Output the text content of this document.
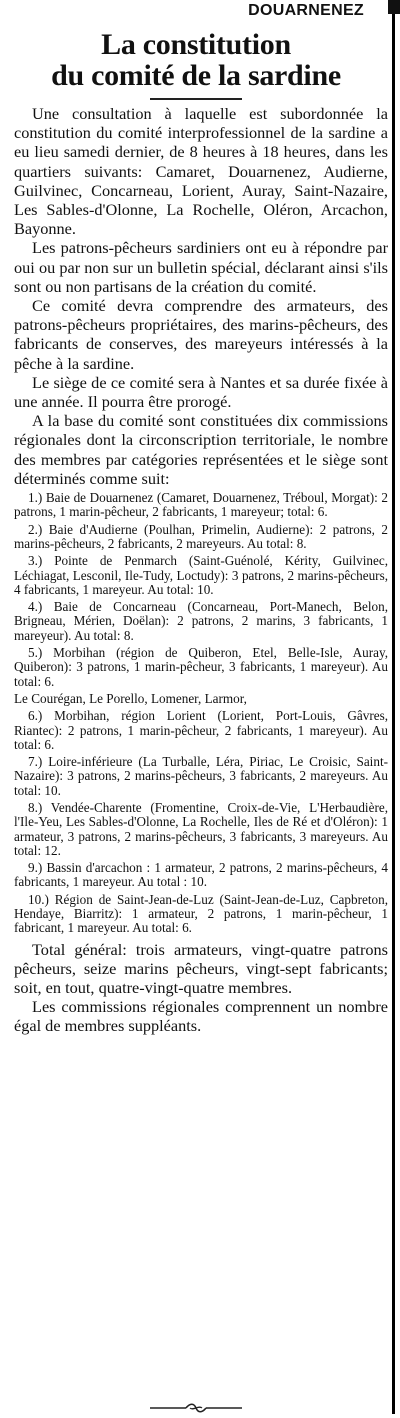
DOUARNENEZ
La constitution
du comité de la sardine

Une consultation à laquelle est subordonnée la constitution du comité interprofessionnel de la sardine a eu lieu samedi dernier, de 8 heures à 18 heures, dans les quartiers suivants: Camaret, Douarnenez, Audierne, Guilvinec, Concarneau, Lorient, Auray, Saint-Nazaire, Les Sables-d'Olonne, La Rochelle, Oléron, Arcachon, Bayonne.

Les patrons-pêcheurs sardiniers ont eu à répondre par oui ou par non sur un bulletin spécial, déclarant ainsi s'ils sont ou non partisans de la création du comité.

Ce comité devra comprendre des armateurs, des patrons-pêcheurs propriétaires, des marins-pêcheurs, des fabricants de conserves, des mareyeurs intéressés à la pêche à la sardine.

Le siège de ce comité sera à Nantes et sa durée fixée à une année. Il pourra être prorogé.

A la base du comité sont constituées dix commissions régionales dont la circonscription territoriale, le nombre des membres par catégories représentées et le siège sont déterminés comme suit:

1.) Baie de Douarnenez (Camaret, Douarnenez, Tréboul, Morgat): 2 patrons, 1 marin-pêcheur, 2 fabricants, 1 mareyeur; total: 6.

2.) Baie d'Audierne (Poulhan, Primelin, Audierne): 2 patrons, 2 marins-pêcheurs, 2 fabricants, 2 mareyeurs. Au total: 8.

3.) Pointe de Penmarch (Saint-Guénolé, Kérity, Guilvinec, Léchiagat, Lesconil, Ile-Tudy, Loctudy): 3 patrons, 2 marins-pêcheurs, 4 fabricants, 1 mareyeur. Au total: 10.

4.) Baie de Concarneau (Concarneau, Port-Manech, Belon, Brigneau, Mérien, Doëlan): 2 patrons, 2 marins, 3 fabricants, 1 mareyeur). Au total: 8.

5.) Morbihan (région de Quiberon, Etel, Belle-Isle, Auray, Quiberon): 3 patrons, 1 marin-pêcheur, 3 fabricants, 1 mareyeur). Au total: 6.

Le Courégan, Le Porello, Lomener, Larmor,

6.) Morbihan, région Lorient (Lorient, Port-Louis, Gâvres, Riantec): 2 patrons, 1 marin-pêcheur, 2 fabricants, 1 mareyeur). Au total: 6.

7.) Loire-inférieure (La Turballe, Léra, Piriac, Le Croisic, Saint-Nazaire): 3 patrons, 2 marins-pêcheurs, 3 fabricants, 2 mareyeurs. Au total: 10.

8.) Vendée-Charente (Fromentine, Croix-de-Vie, L'Herbaudière, l'Ile-Yeu, Les Sables-d'Olonne, La Rochelle, Iles de Ré et d'Oléron): 1 armateur, 3 patrons, 2 marins-pêcheurs, 3 fabricants, 3 mareyeurs. Au total: 12.

9.) Bassin d'arcachon : 1 armateur, 2 patrons, 2 marins-pêcheurs, 4 fabricants, 1 mareyeur. Au total : 10.

10.) Région de Saint-Jean-de-Luz (Saint-Jean-de-Luz, Capbreton, Hendaye, Biarritz): 1 armateur, 2 patrons, 1 marin-pêcheur, 1 fabricant, 1 mareyeur. Au total: 6.

Total général: trois armateurs, vingt-quatre patrons pêcheurs, seize marins pêcheurs, vingt-sept fabricants; soit, en tout, quatre-vingt-quatre membres.

Les commissions régionales comprennent un nombre égal de membres suppléants.
